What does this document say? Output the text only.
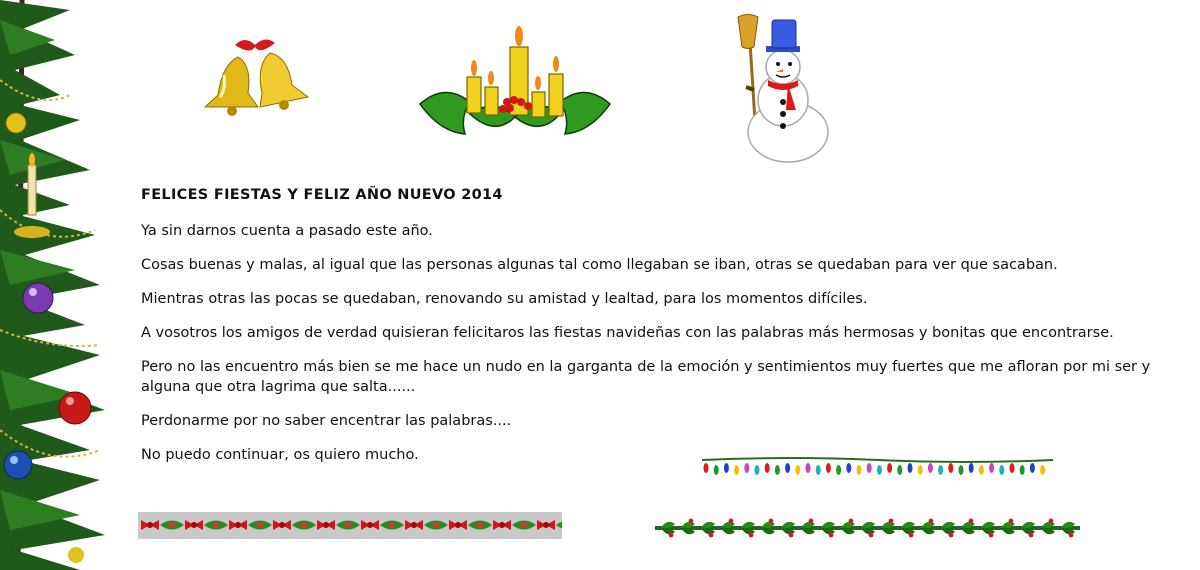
FELICES FIESTAS Y FELIZ AÑO NUEVO 2014

Ya sin darnos cuenta a pasado este año.

Cosas buenas y malas, al igual que las personas algunas tal como llegaban se iban, otras se quedaban para ver que sacaban.

Mientras otras las pocas se quedaban, renovando su amistad y lealtad, para los momentos difíciles.

A vosotros los amigos de verdad quisieran felicitaros las fiestas navideñas con las palabras más hermosas y bonitas que encontrarse.

Pero no las encuentro más bien se me hace un nudo en la garganta de la emoción y sentimientos muy fuertes que me afloran por mi ser y alguna que otra lagrima que salta......

Perdonarme por no saber encentrar las palabras....

No puedo continuar, os quiero mucho.
